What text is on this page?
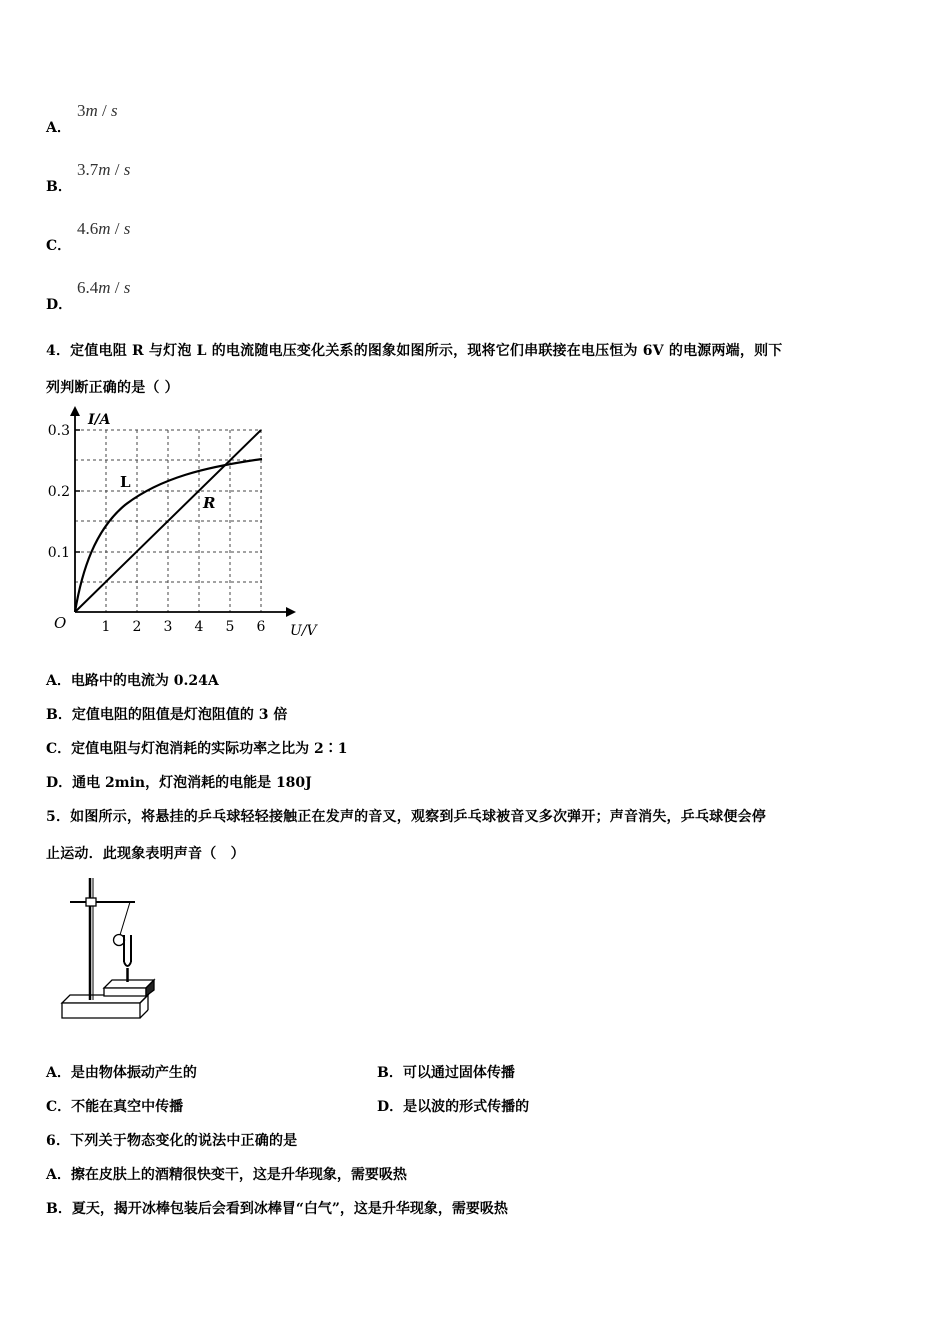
A．
3m / s
B．
3.7m / s
C．
4.6m / s
D．
6.4m / s
4．定值电阻 R 与灯泡 L 的电流随电压变化关系的图象如图所示，现将它们串联接在电压恒为 6V 的电源两端，则下
列判断正确的是（ ）
I/A
U/V
O
0.3
0.2
0.1
1 2 3 4 5 6
L
R
A．电路中的电流为 0.24A
B．定值电阻的阻值是灯泡阻值的 3 倍
C．定值电阻与灯泡消耗的实际功率之比为 2∶1
D．通电 2min，灯泡消耗的电能是 180J
5．如图所示，将悬挂的乒乓球轻轻接触正在发声的音叉，观察到乒乓球被音叉多次弹开；声音消失，乒乓球便会停
止运动．此现象表明声音（　）
A．是由物体振动产生的	B．可以通过固体传播
C．不能在真空中传播	D．是以波的形式传播的
6．下列关于物态变化的说法中正确的是
A．擦在皮肤上的酒精很快变干，这是升华现象，需要吸热
B．夏天，揭开冰棒包装后会看到冰棒冒“白气”，这是升华现象，需要吸热
